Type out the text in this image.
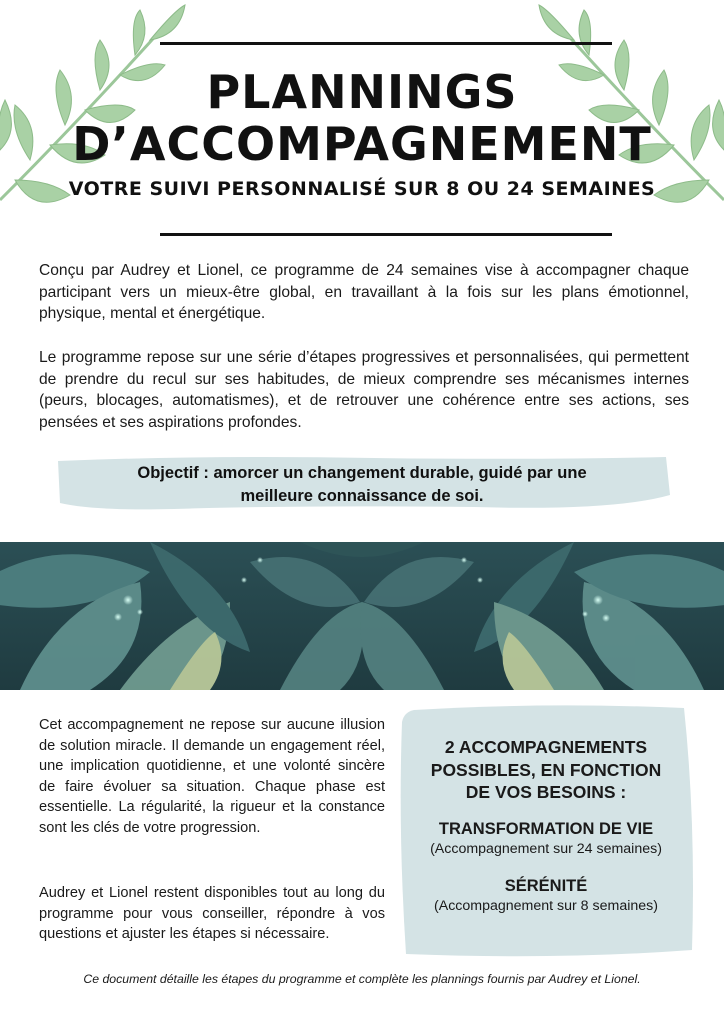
PLANNINGS
D’ACCOMPAGNEMENT
VOTRE SUIVI PERSONNALISÉ SUR 8 OU 24 SEMAINES
Conçu par Audrey et Lionel, ce programme de 24 semaines vise à accompagner chaque participant vers un mieux-être global, en travaillant à la fois sur les plans émotionnel, physique, mental et énergétique.
Le programme repose sur une série d’étapes progressives et personnalisées, qui permettent de prendre du recul sur ses habitudes, de mieux comprendre ses mécanismes internes (peurs, blocages, automatismes), et de retrouver une cohérence entre ses actions, ses pensées et ses aspirations profondes.
Objectif : amorcer un changement durable, guidé par une
meilleure connaissance de soi.
Cet accompagnement ne repose sur aucune illusion de solution miracle. Il demande un engagement réel, une implication quotidienne, et une volonté sincère de faire évoluer sa situation. Chaque phase est essentielle. La régularité, la rigueur et la constance sont les clés de votre progression.
Audrey et Lionel restent disponibles tout au long du programme pour vous conseiller, répondre à vos questions et ajuster les étapes si nécessaire.
2 ACCOMPAGNEMENTS
POSSIBLES, EN FONCTION
DE VOS BESOINS :
TRANSFORMATION DE VIE
(Accompagnement sur 24 semaines)
SÉRÉNITÉ
(Accompagnement sur 8 semaines)
Ce document détaille les étapes du programme et complète les plannings fournis par Audrey et Lionel.
